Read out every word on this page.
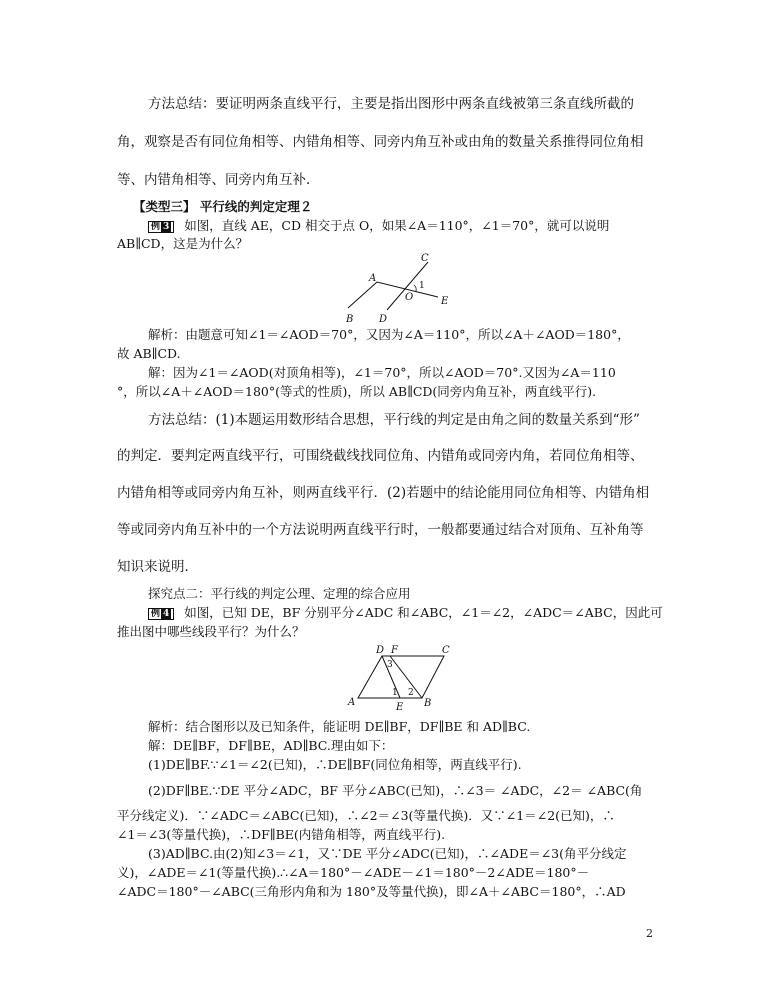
方法总结：要证明两条直线平行，主要是指出图形中两条直线被第三条直线所截的
角，观察是否有同位角相等、内错角相等、同旁内角互补或由角的数量关系推得同位角相
等、内错角相等、同旁内角互补．
【类型三】 平行线的判定定理２
例 3 如图，直线 AE，CD 相交于点 O，如果∠A＝110°，∠1＝70°，就可以说明
AB∥CD，这是为什么？
A
B
C
D
E
O
1
解析：由题意可知∠1＝∠AOD＝70°，又因为∠A＝110°，所以∠A＋∠AOD＝180°，
故 AB∥CD.
解：因为∠1＝∠AOD(对顶角相等)，∠1＝70°，所以∠AOD＝70°.又因为∠A＝110
°，所以∠A＋∠AOD＝180°(等式的性质)，所以 AB∥CD(同旁内角互补，两直线平行).
方法总结：(1)本题运用数形结合思想，平行线的判定是由角之间的数量关系到“形”
的判定．要判定两直线平行，可围绕截线找同位角、内错角或同旁内角，若同位角相等、
内错角相等或同旁内角互补，则两直线平行．(2)若题中的结论能用同位角相等、内错角相
等或同旁内角互补中的一个方法说明两直线平行时，一般都要通过结合对顶角、互补角等
知识来说明．
探究点二：平行线的判定公理、定理的综合应用
例 4 如图，已知 DE，BF 分别平分∠ADC 和∠ABC，∠1＝∠2，∠ADC＝∠ABC，因此可
推出图中哪些线段平行？为什么？
A	B
C
D
E
F
1 2
3
解析：结合图形以及已知条件，能证明 DE∥BF，DF∥BE 和 AD∥BC.
解：DE∥BF，DF∥BE，AD∥BC.理由如下：
(1)DE∥BF.∵∠1＝∠2(已知)，∴DE∥BF(同位角相等，两直线平行).
(2)DF∥BE.∵DE 平分∠ADC，BF 平分∠ABC(已知)，∴∠3＝ ∠ADC，∠2＝ ∠ABC(角
平分线定义)．∵∠ADC＝∠ABC(已知)，∴∠2＝∠3(等量代换)．又∵∠1＝∠2(已知)，∴
∠1＝∠3(等量代换)，∴DF∥BE(内错角相等，两直线平行).
(3)AD∥BC.由(2)知∠3＝∠1，又∵DE 平分∠ADC(已知)，∴∠ADE＝∠3(角平分线定
义)，∠ADE＝∠1(等量代换).∴∠A＝180°－∠ADE－∠1＝180°－2∠ADE＝180°－
∠ADC＝180°－∠ABC(三角形内角和为 180°及等量代换)，即∠A＋∠ABC＝180°，∴AD
2
